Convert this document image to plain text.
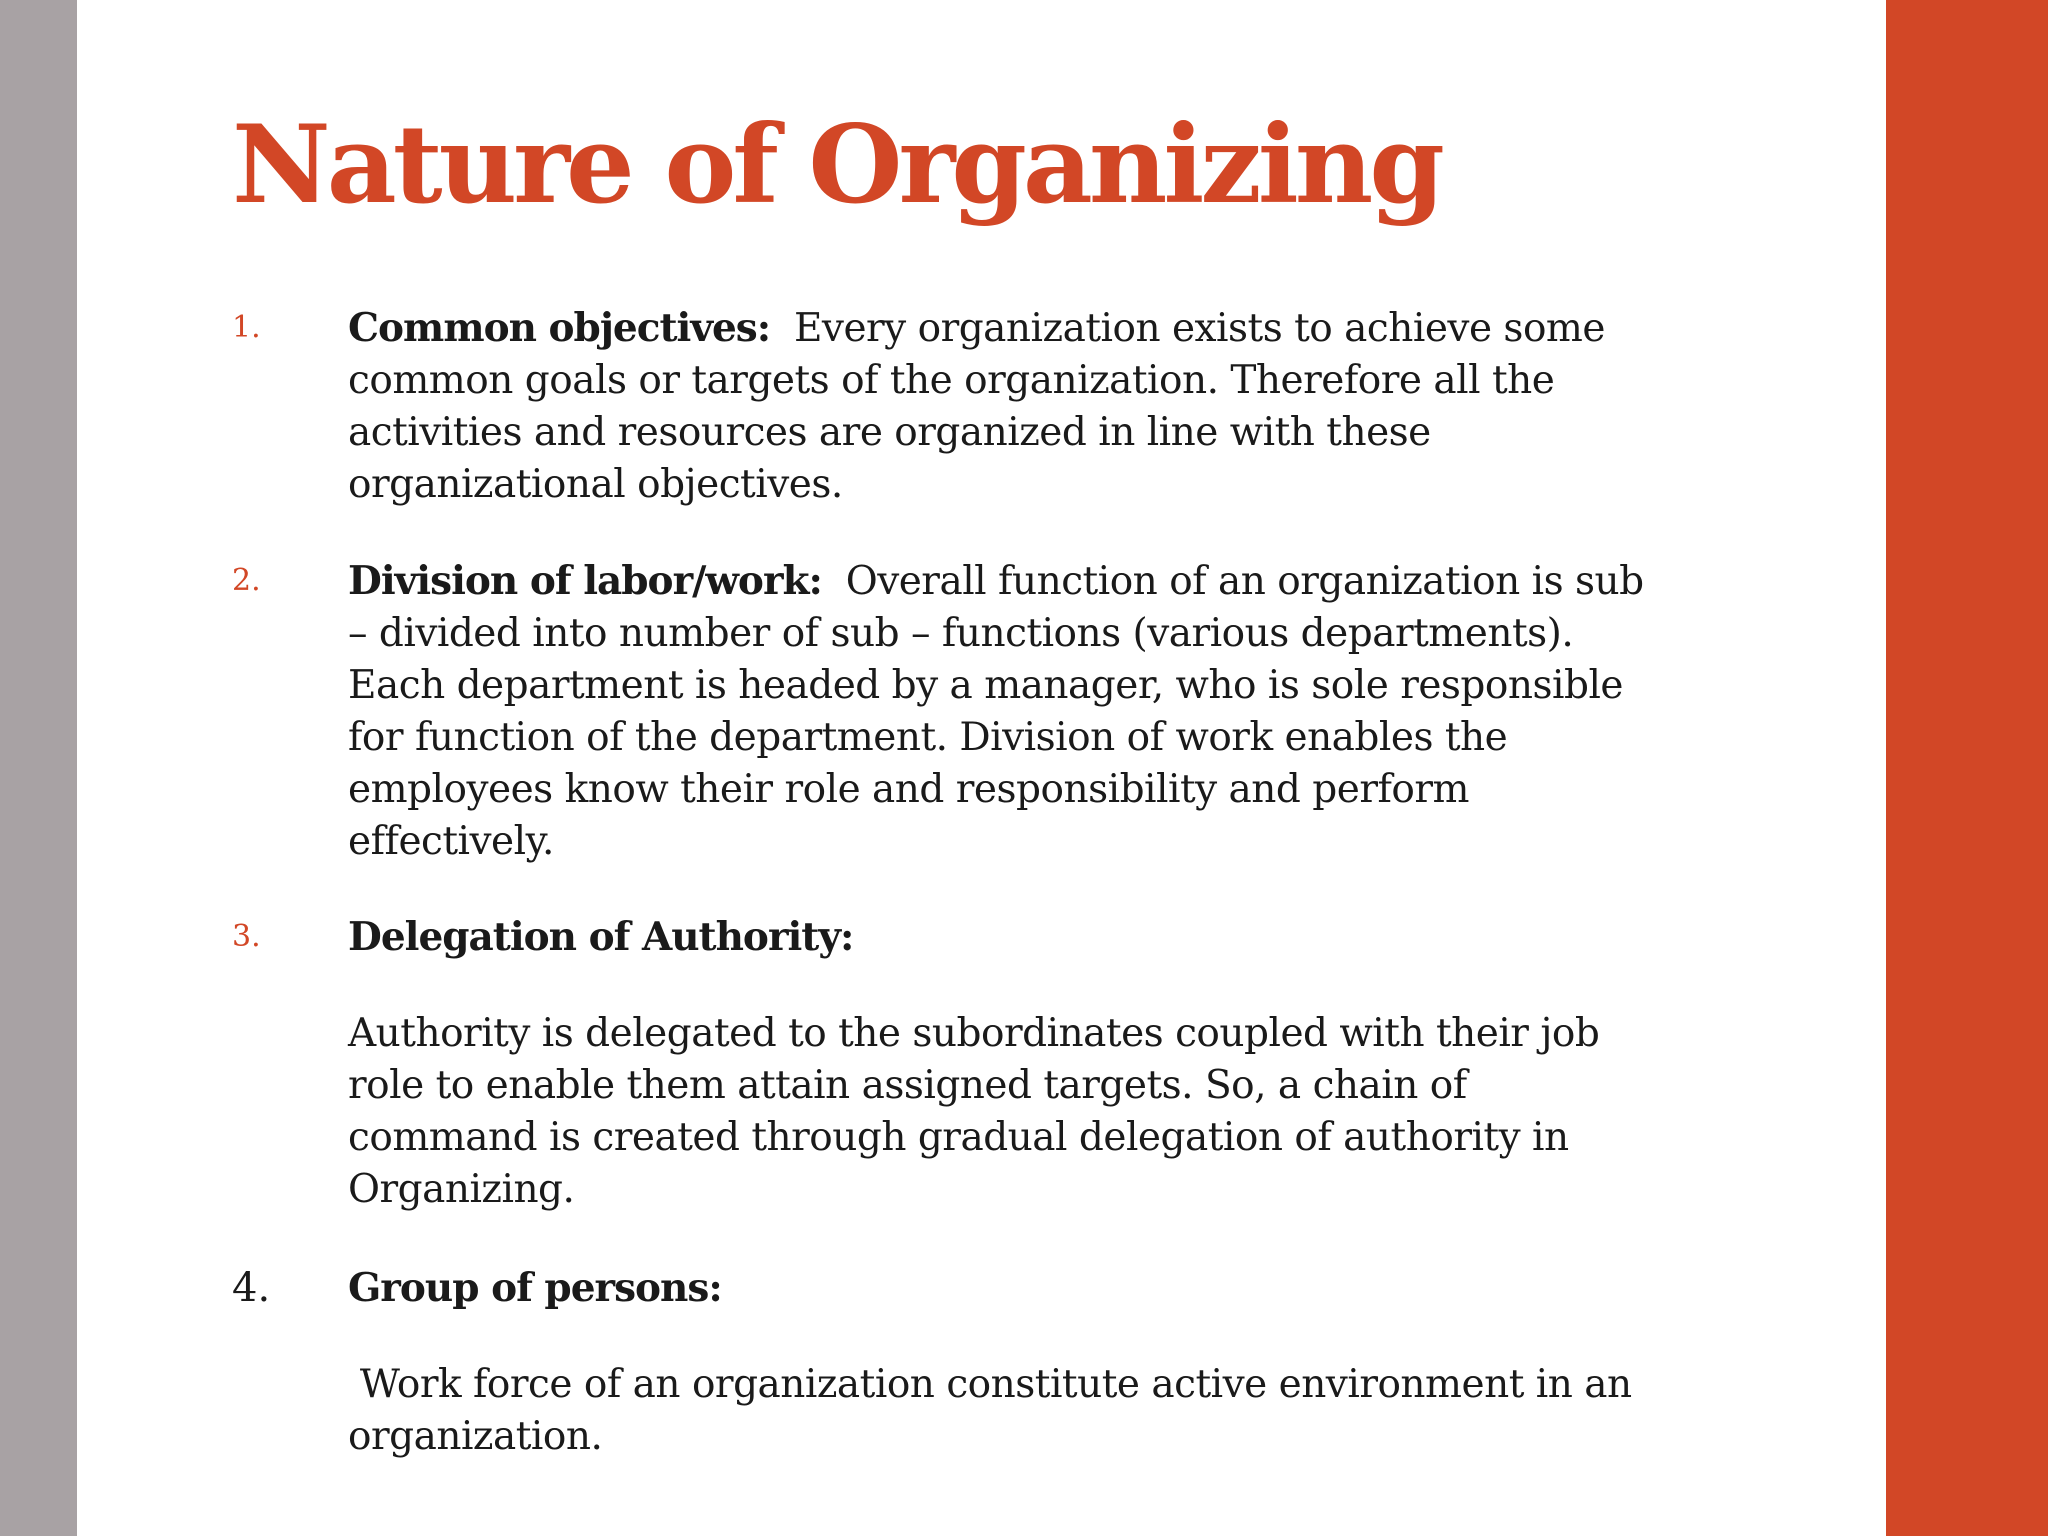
Nature of Organizing
1. Common objectives: Every organization exists to achieve some common goals or targets of the organization. Therefore all the activities and resources are organized in line with these organizational objectives.

2. Division of labor/work: Overall function of an organization is sub – divided into number of sub – functions (various departments). Each department is headed by a manager, who is sole responsible for function of the department. Division of work enables the employees know their role and responsibility and perform effectively.

3. Delegation of Authority:

Authority is delegated to the subordinates coupled with their job role to enable them attain assigned targets. So, a chain of command is created through gradual delegation of authority in Organizing.

4. Group of persons:

Work force of an organization constitute active environment in an organization.
